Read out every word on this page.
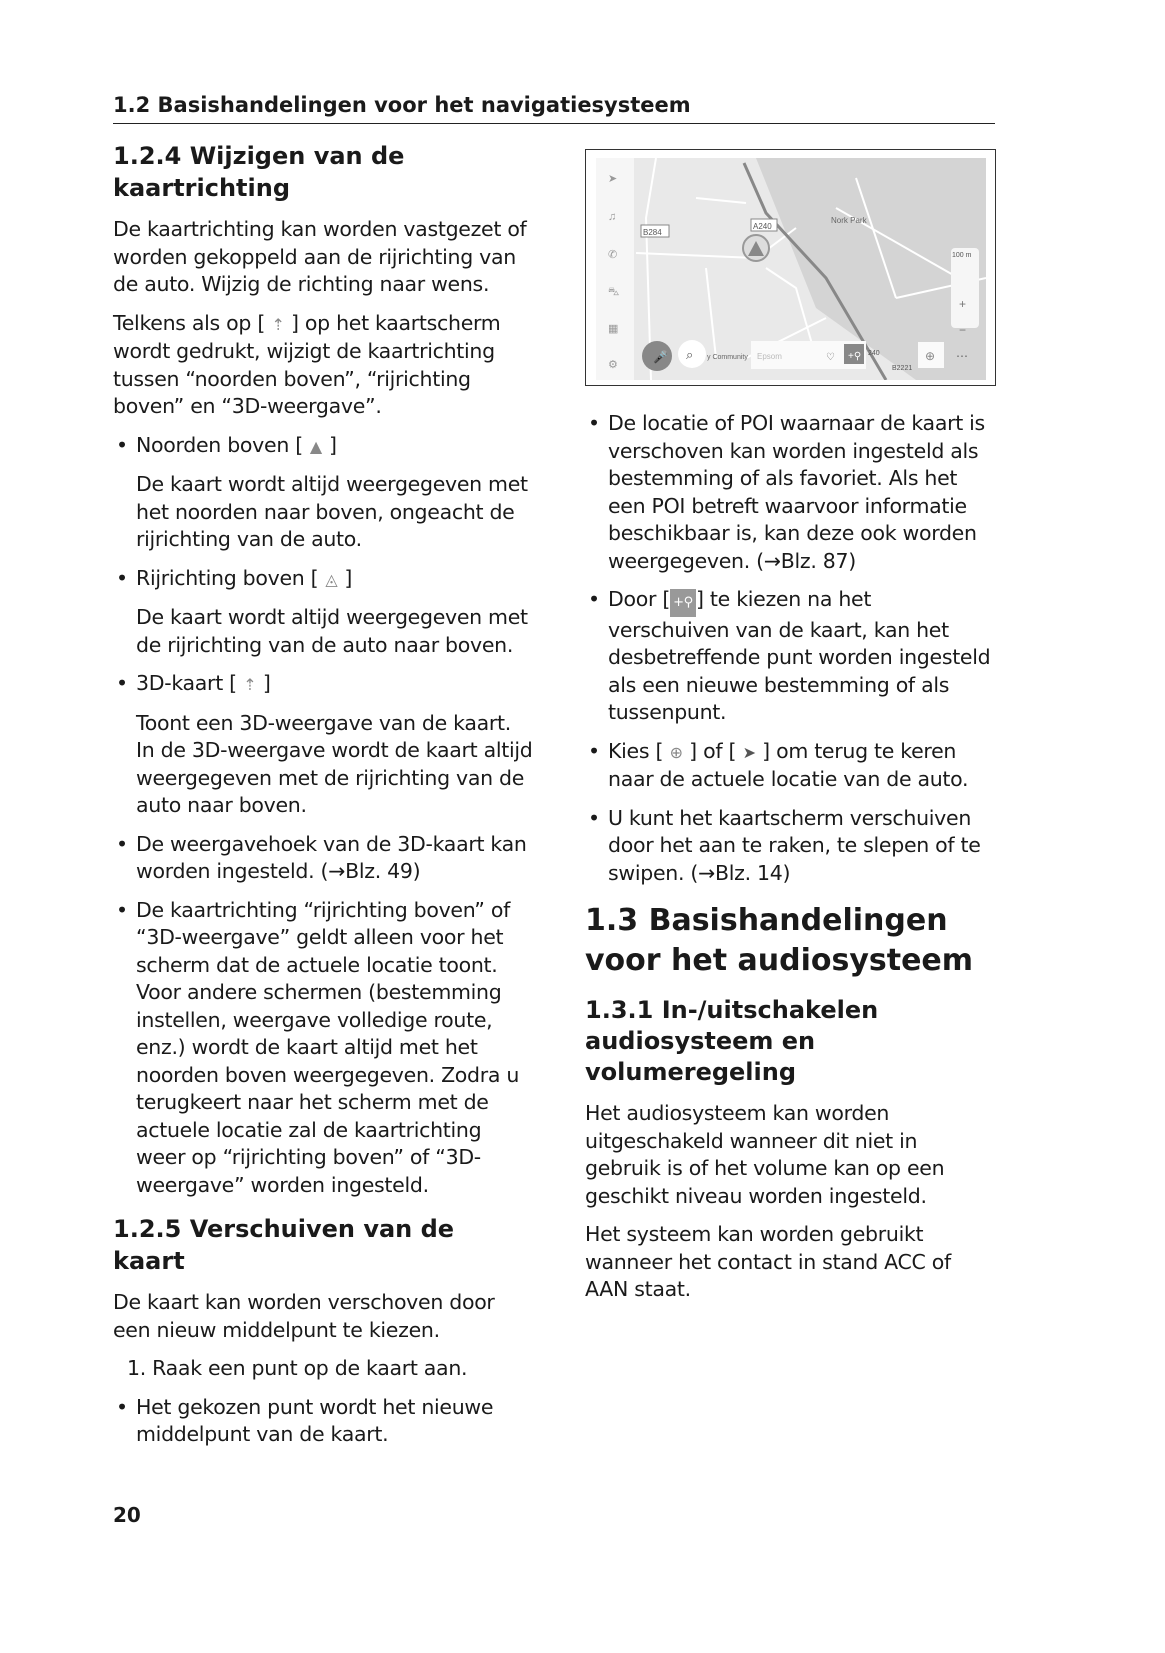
1.2 Basishandelingen voor het navigatiesysteem
1.2.4 Wijzigen van de kaartrichting

De kaartrichting kan worden vastgezet of worden gekoppeld aan de rijrichting van de auto. Wijzig de richting naar wens.

Telkens als op [ ⇡ ] op het kaartscherm wordt gedrukt, wijzigt de kaartrichting tussen “noorden boven”, “rijrichting boven” en “3D-weergave”.

• Noorden boven [ ▲ ]

De kaart wordt altijd weergegeven met het noorden naar boven, ongeacht de rijrichting van de auto.

• Rijrichting boven [ ◬ ]

De kaart wordt altijd weergegeven met de rijrichting van de auto naar boven.

• 3D-kaart [ ⇡ ]

Toont een 3D-weergave van de kaart. In de 3D-weergave wordt de kaart altijd weergegeven met de rijrichting van de auto naar boven.

• De weergavehoek van de 3D-kaart kan worden ingesteld. (→Blz. 49)

• De kaartrichting “rijrichting boven” of “3D-weergave” geldt alleen voor het scherm dat de actuele locatie toont. Voor andere schermen (bestemming instellen, weergave volledige route, enz.) wordt de kaart altijd met het noorden boven weergegeven. Zodra u terugkeert naar het scherm met de actuele locatie zal de kaartrichting weer op “rijrichting boven” of “3D-weergave” worden ingesteld.

1.2.5 Verschuiven van de kaart

De kaart kan worden verschoven door een nieuw middelpunt te kiezen.

1. Raak een punt op de kaart aan.

• Het gekozen punt wordt het nieuwe middelpunt van de kaart.

➤
♫
✆
⛍
▦
⚙
B284
A240
Nork Park
100 m
+
−
🎤 ⌕ y Community Epsom	♡ +⚲ 240
B2221
⊕ ⋯

• De locatie of POI waarnaar de kaart is verschoven kan worden ingesteld als bestemming of als favoriet. Als het een POI betreft waarvoor informatie beschikbaar is, kan deze ook worden weergegeven. (→Blz. 87)

• Door [ +⚲ ] te kiezen na het verschuiven van de kaart, kan het desbetreffende punt worden ingesteld als een nieuwe bestemming of als tussenpunt.

• Kies [ ⊕ ] of [ ➤ ] om terug te keren naar de actuele locatie van de auto.

• U kunt het kaartscherm verschuiven door het aan te raken, te slepen of te swipen. (→Blz. 14)

1.3 Basishandelingen voor het audiosysteem
1.3.1 In-/uitschakelen audiosysteem en volumeregeling

Het audiosysteem kan worden uitgeschakeld wanneer dit niet in gebruik is of het volume kan op een geschikt niveau worden ingesteld.

Het systeem kan worden gebruikt wanneer het contact in stand ACC of AAN staat.

20
